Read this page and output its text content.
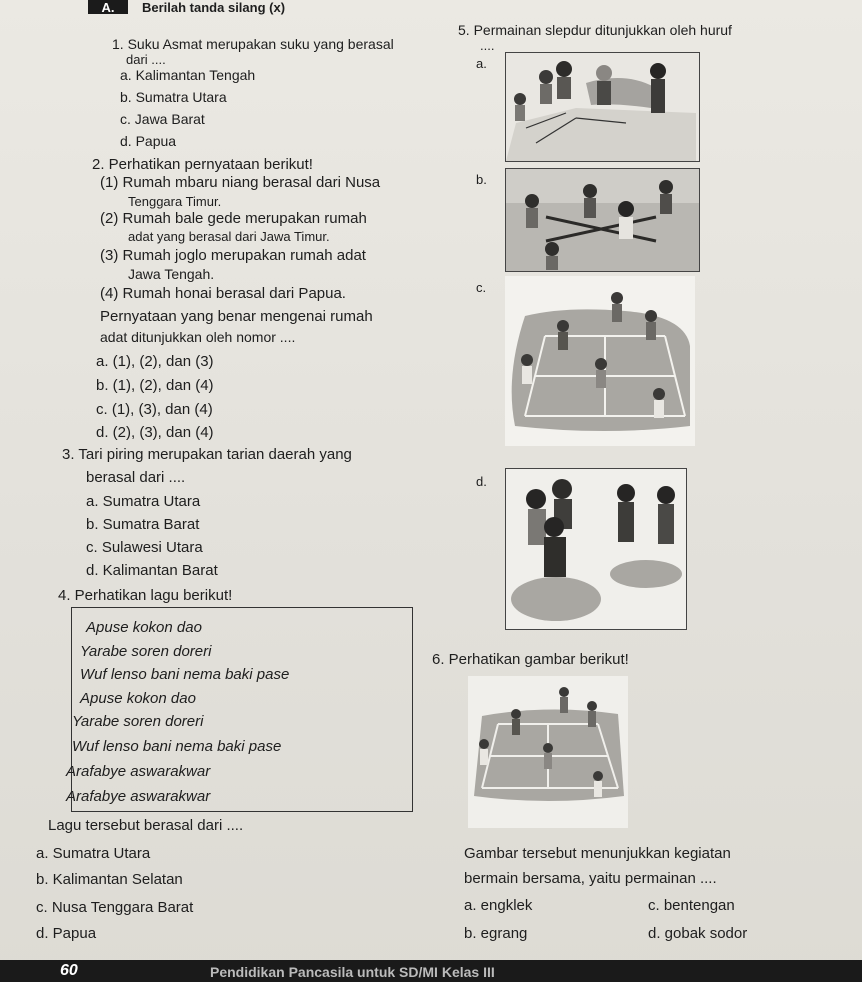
A.	Berilah tanda silang (x)
1. Suku Asmat merupakan suku yang berasal
dari ....
a. Kalimantan Tengah
b. Sumatra Utara
c. Jawa Barat
d. Papua
2. Perhatikan pernyataan berikut!
(1) Rumah mbaru niang berasal dari Nusa
Tenggara Timur.
(2) Rumah bale gede merupakan rumah
adat yang berasal dari Jawa Timur.
(3) Rumah joglo merupakan rumah adat
Jawa Tengah.
(4) Rumah honai berasal dari Papua.
Pernyataan yang benar mengenai rumah
adat ditunjukkan oleh nomor ....
a. (1), (2), dan (3)
b. (1), (2), dan (4)
c. (1), (3), dan (4)
d. (2), (3), dan (4)
3. Tari piring merupakan tarian daerah yang
berasal dari ....
a. Sumatra Utara
b. Sumatra Barat
c. Sulawesi Utara
d. Kalimantan Barat
4. Perhatikan lagu berikut!
Apuse kokon dao
Yarabe soren doreri
Wuf lenso bani nema baki pase
Apuse kokon dao
Yarabe soren doreri
Wuf lenso bani nema baki pase
Arafabye aswarakwar
Arafabye aswarakwar
Lagu tersebut berasal dari ....
a. Sumatra Utara
b. Kalimantan Selatan
c. Nusa Tenggara Barat
d. Papua
5. Permainan slepdur ditunjukkan oleh huruf
....
a.
b.
c.
d.
6. Perhatikan gambar berikut!
Gambar tersebut menunjukkan kegiatan
bermain bersama, yaitu permainan ....
a. engklek
b. egrang
c. bentengan
d. gobak sodor
60	Pendidikan Pancasila untuk SD/MI Kelas III
